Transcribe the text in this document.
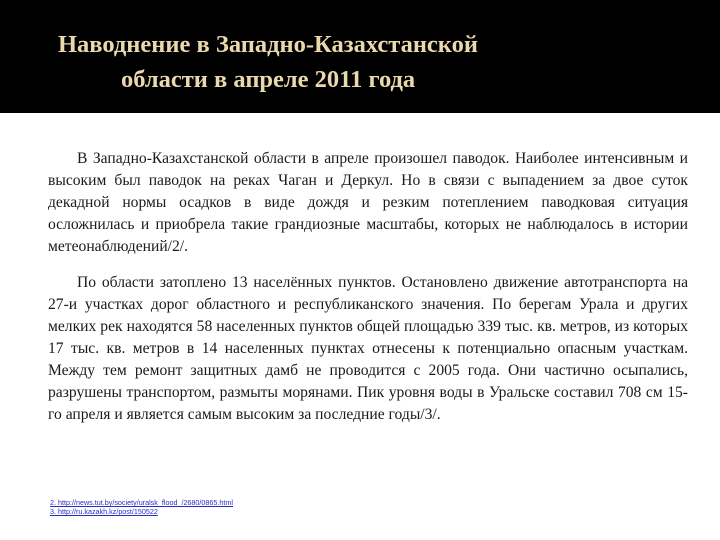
Наводнение в Западно-Казахстанской
области в апреле 2011 года

В Западно-Казахстанской области в апреле произошел паводок. Наиболее интенсивным и высоким был паводок на реках Чаган и Деркул. Но в связи с выпадением за двое суток декадной нормы осадков в виде дождя и резким потеплением паводковая ситуация осложнилась и приобрела такие грандиозные масштабы, которых не наблюдалось в истории метеонаблюдений/2/.

По области затоплено 13 населённых пунктов. Остановлено движение автотранспорта на 27-и участках дорог областного и республиканского значения. По берегам Урала и других мелких рек находятся 58 населенных пунктов общей площадью 339 тыс. кв. метров, из которых 17 тыс. кв. метров в 14 населенных пунктах отнесены к потенциально опасным участкам. Между тем ремонт защитных дамб не проводится с 2005 года. Они частично осыпались, разрушены транспортом, размыты морянами. Пик уровня воды в Уральске составил 708 см 15-го апреля и является самым высоким за последние годы/3/.

2. http://news.tut.by/society/uralsk_flood_/2680/0865.html
3. http://ru.kazakh.kz/post/150522
